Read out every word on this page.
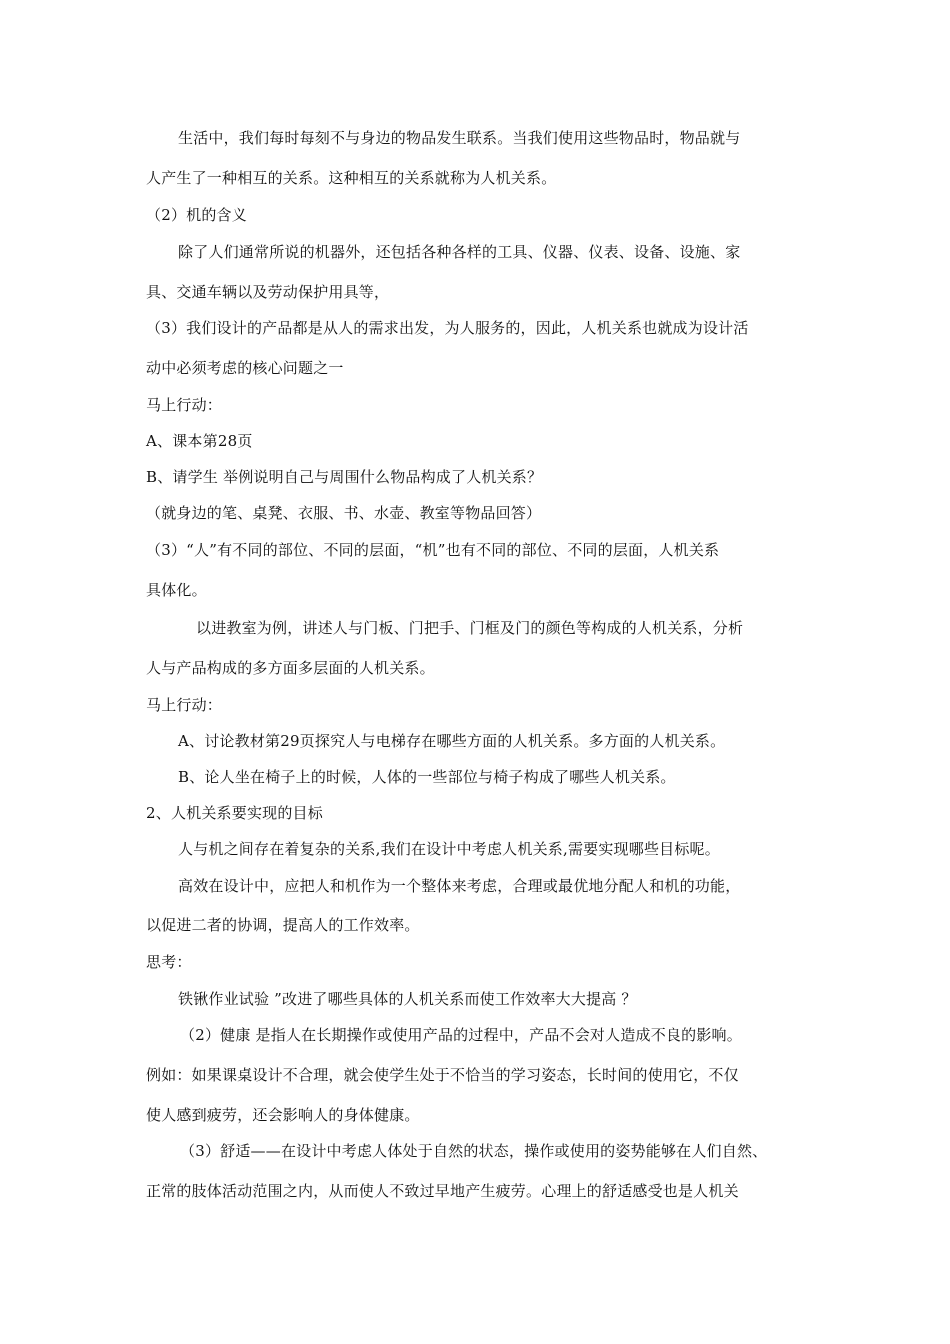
生活中，我们每时每刻不与身边的物品发生联系。当我们使用这些物品时，物品就与
人产生了一种相互的关系。这种相互的关系就称为人机关系。
（2）机的含义
除了人们通常所说的机器外，还包括各种各样的工具、仪器、仪表、设备、设施、家
具、交通车辆以及劳动保护用具等，
（3）我们设计的产品都是从人的需求出发，为人服务的，因此，人机关系也就成为设计活
动中必须考虑的核心问题之一
马上行动：
A、课本第28页
B、请学生 举例说明自己与周围什么物品构成了人机关系？
（就身边的笔、桌凳、衣服、书、水壶、教室等物品回答）
（3）“人”有不同的部位、不同的层面，“机”也有不同的部位、不同的层面，人机关系
具体化。
以进教室为例，讲述人与门板、门把手、门框及门的颜色等构成的人机关系，分析
人与产品构成的多方面多层面的人机关系。
马上行动：
A、讨论教材第29页探究人与电梯存在哪些方面的人机关系。多方面的人机关系。
B、论人坐在椅子上的时候，人体的一些部位与椅子构成了哪些人机关系。
2、人机关系要实现的目标
人与机之间存在着复杂的关系,我们在设计中考虑人机关系,需要实现哪些目标呢。
高效在设计中，应把人和机作为一个整体来考虑，合理或最优地分配人和机的功能，
以促进二者的协调，提高人的工作效率。
思考：
铁锹作业试验 ”改进了哪些具体的人机关系而使工作效率大大提高 ？
（2）健康 是指人在长期操作或使用产品的过程中，产品不会对人造成不良的影响。
例如：如果课桌设计不合理，就会使学生处于不恰当的学习姿态，长时间的使用它，不仅
使人感到疲劳，还会影响人的身体健康。
（3）舒适——在设计中考虑人体处于自然的状态，操作或使用的姿势能够在人们自然、
正常的肢体活动范围之内，从而使人不致过早地产生疲劳。心理上的舒适感受也是人机关
